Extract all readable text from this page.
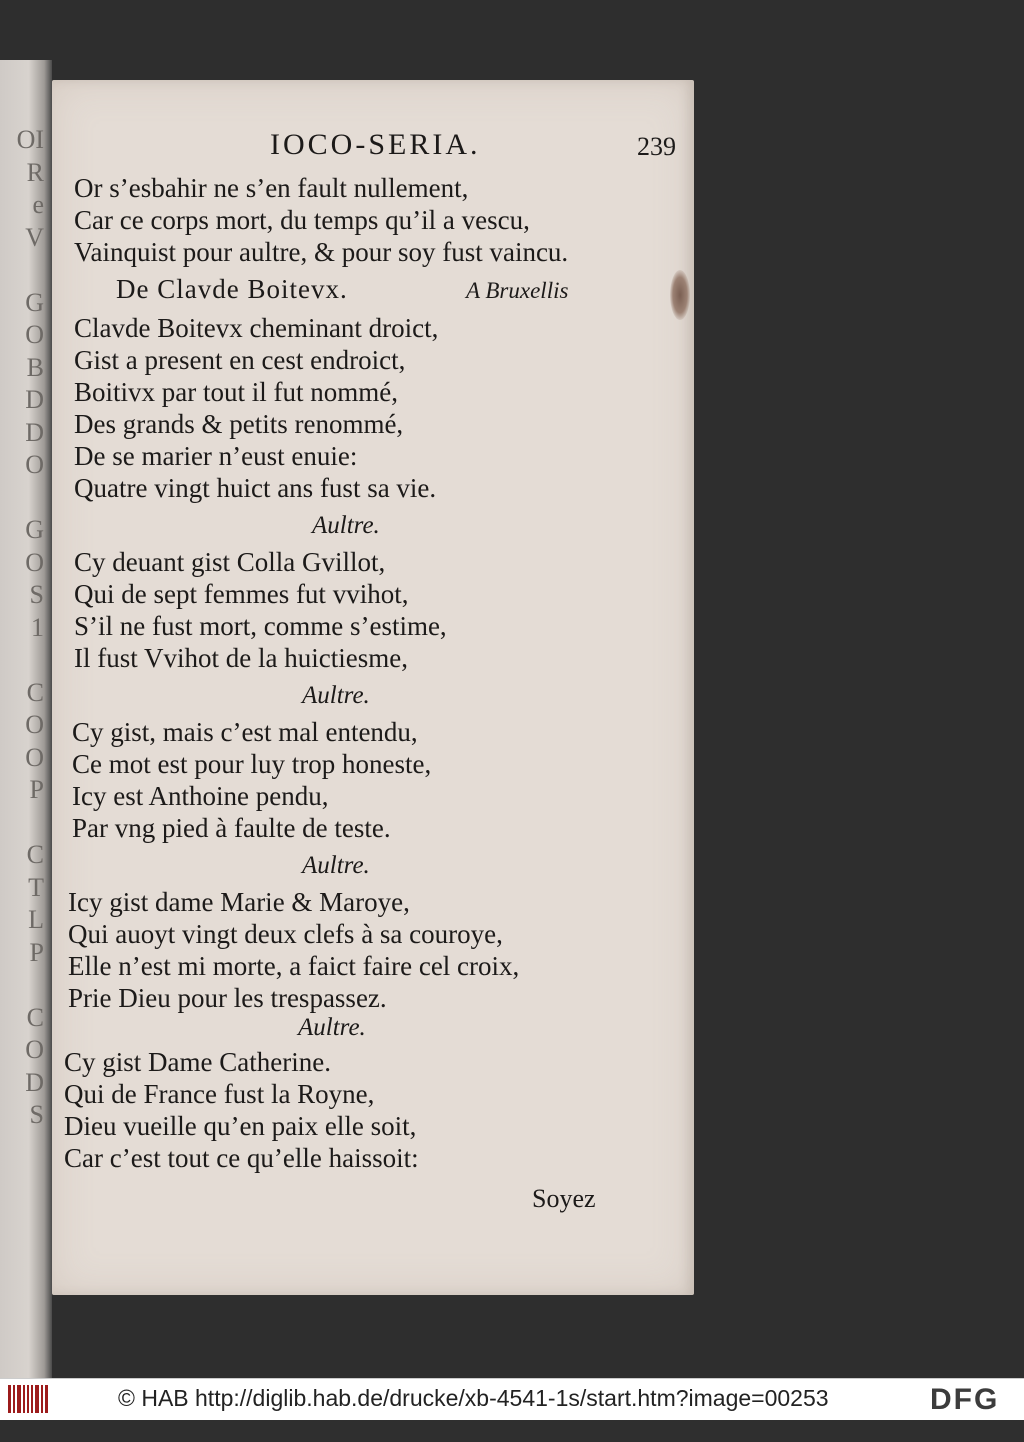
OI
R
e
V
G
O
B
D
D
O
G
O
S
1
C
O
O
P
C
T
L
P
C
O
D
S
IOCO-SERIA.	239
Or s’esbahir ne s’en fault nullement,
Car ce corps mort, du temps qu’il a vescu,
Vainquist pour aultre, & pour soy fust vaincu.
De Clavde Boitevx.	A Bruxellis
Clavde Boitevx cheminant droict,
Gist a present en cest endroict,
Boitivx par tout il fut nommé,
Des grands & petits renommé,
De se marier n’eust enuie:
Quatre vingt huict ans fust sa vie.
Aultre.
Cy deuant gist Colla Gvillot,
Qui de sept femmes fut vvihot,
S’il ne fust mort, comme s’estime,
Il fust Vvihot de la huictiesme,
Aultre.
Cy gist, mais c’est mal entendu,
Ce mot est pour luy trop honeste,
Icy est Anthoine pendu,
Par vng pied à faulte de teste.
Aultre.
Icy gist dame Marie & Maroye,
Qui auoyt vingt deux clefs à sa couroye,
Elle n’est mi morte, a faict faire cel croix,
Prie Dieu pour les trespassez.
Aultre.
Cy gist Dame Catherine.
Qui de France fust la Royne,
Dieu vueille qu’en paix elle soit,
Car c’est tout ce qu’elle haissoit:
Soyez
© HAB http://diglib.hab.de/drucke/xb-4541-1s/start.htm?image=00253	DFG
